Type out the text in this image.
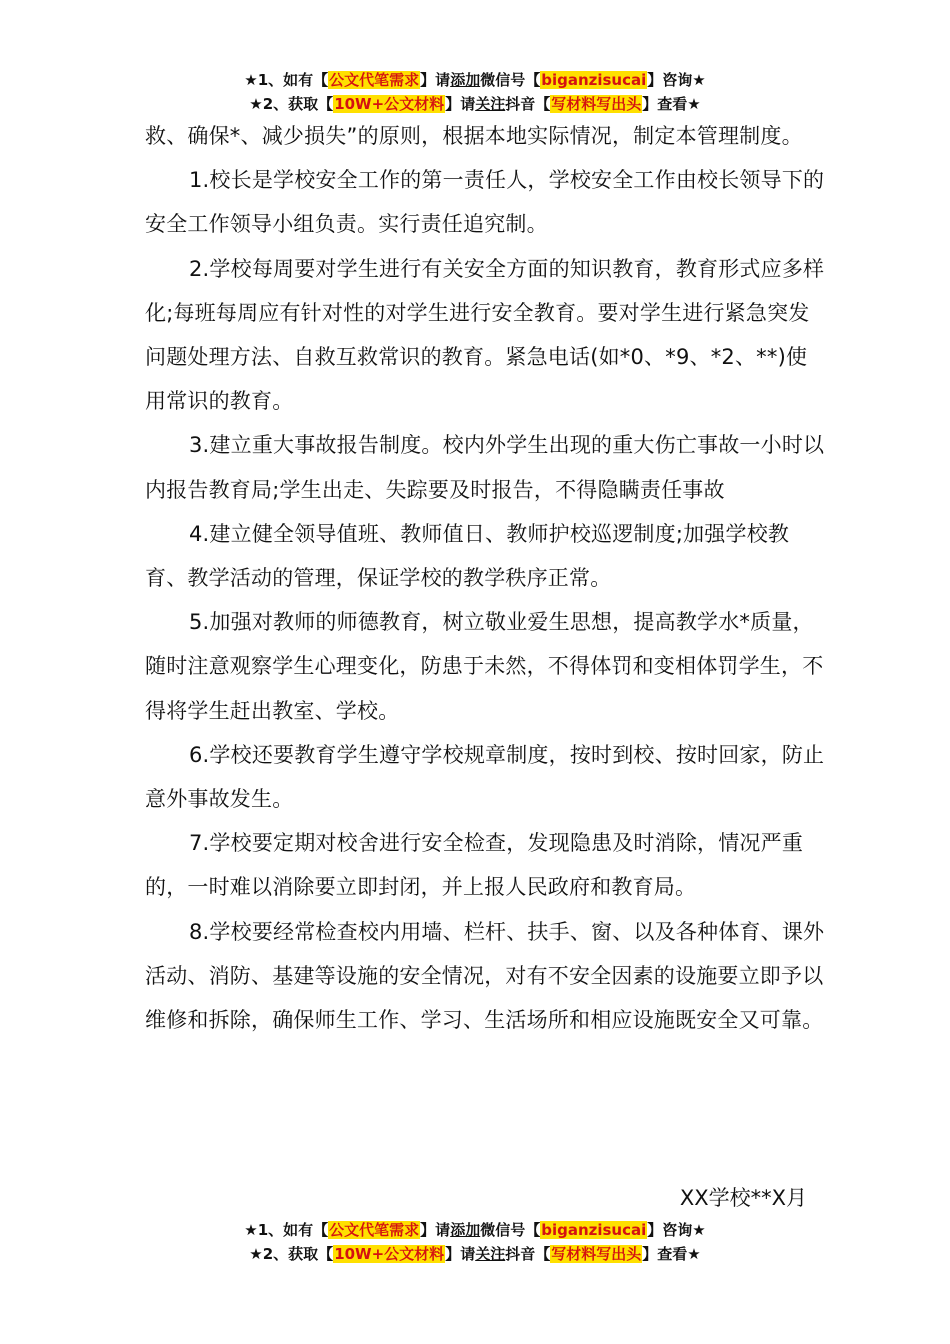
★1、如有【公文代笔需求】请添加微信号【biganzisucai】咨询★
★2、获取【10W+公文材料】请关注抖音【写材料写出头】查看★

救、确保*、减少损失”的原则，根据本地实际情况，制定本管理制度。

1.校长是学校安全工作的第一责任人，学校安全工作由校长领导下的安全工作领导小组负责。实行责任追究制。

2.学校每周要对学生进行有关安全方面的知识教育，教育形式应多样化;每班每周应有针对性的对学生进行安全教育。要对学生进行紧急突发问题处理方法、自救互救常识的教育。紧急电话(如*0、*9、*2、**)使用常识的教育。

3.建立重大事故报告制度。校内外学生出现的重大伤亡事故一小时以内报告教育局;学生出走、失踪要及时报告，不得隐瞒责任事故

4.建立健全领导值班、教师值日、教师护校巡逻制度;加强学校教育、教学活动的管理，保证学校的教学秩序正常。

5.加强对教师的师德教育，树立敬业爱生思想，提高教学水*质量，随时注意观察学生心理变化，防患于未然，不得体罚和变相体罚学生，不得将学生赶出教室、学校。

6.学校还要教育学生遵守学校规章制度，按时到校、按时回家，防止意外事故发生。

7.学校要定期对校舍进行安全检查，发现隐患及时消除，情况严重的，一时难以消除要立即封闭，并上报人民政府和教育局。

8.学校要经常检查校内用墙、栏杆、扶手、窗、以及各种体育、课外活动、消防、基建等设施的安全情况，对有不安全因素的设施要立即予以维修和拆除，确保师生工作、学习、生活场所和相应设施既安全又可靠。

XX学校**X月
★1、如有【公文代笔需求】请添加微信号【biganzisucai】咨询★
★2、获取【10W+公文材料】请关注抖音【写材料写出头】查看★
